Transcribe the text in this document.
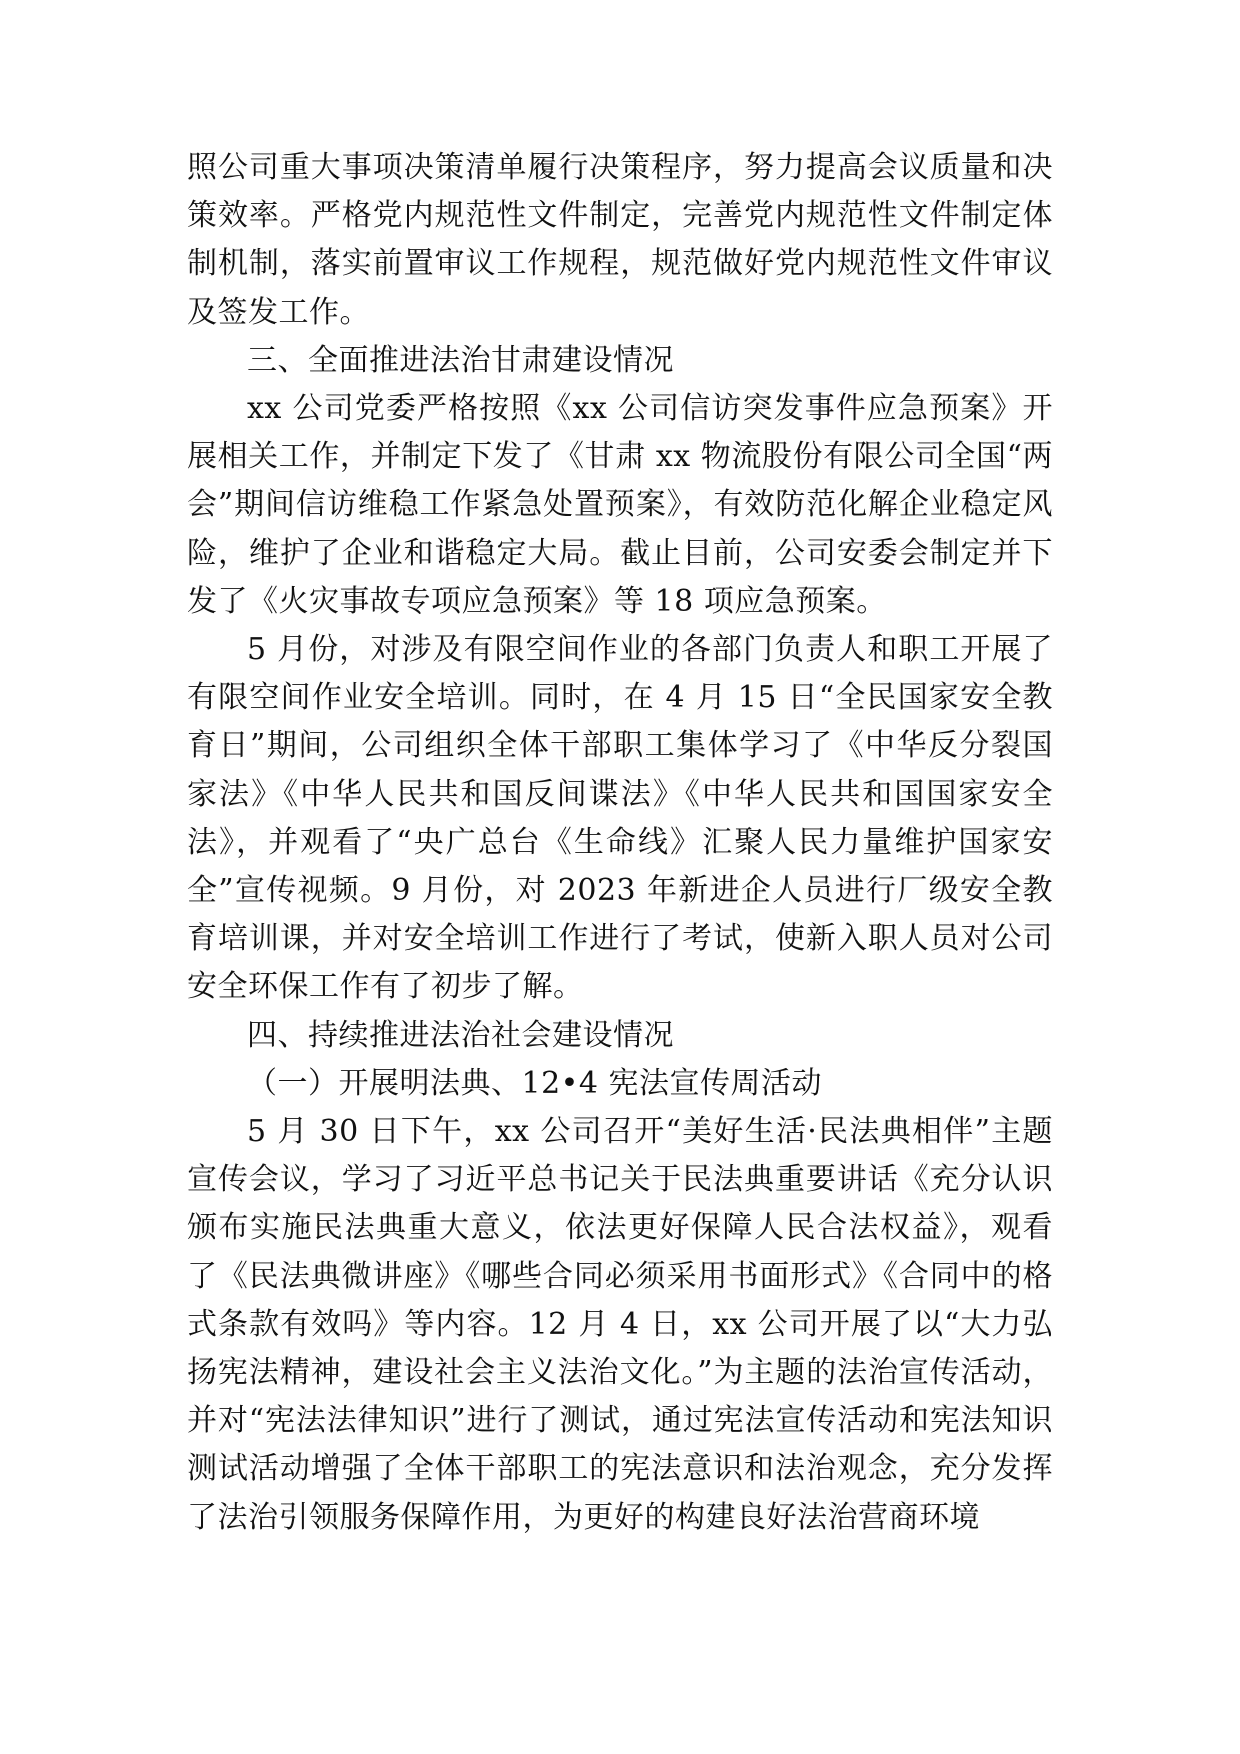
照公司重大事项决策清单履行决策程序，努力提高会议质量和决策效率。严格党内规范性文件制定，完善党内规范性文件制定体制机制，落实前置审议工作规程，规范做好党内规范性文件审议及签发工作。

三、全面推进法治甘肃建设情况

xx 公司党委严格按照《xx 公司信访突发事件应急预案》开展相关工作，并制定下发了《甘肃 xx 物流股份有限公司全国“两会”期间信访维稳工作紧急处置预案》，有效防范化解企业稳定风险，维护了企业和谐稳定大局。截止目前，公司安委会制定并下发了《火灾事故专项应急预案》等 18 项应急预案。

5 月份，对涉及有限空间作业的各部门负责人和职工开展了有限空间作业安全培训。同时，在 4 月 15 日“全民国家安全教育日”期间，公司组织全体干部职工集体学习了《中华反分裂国家法》《中华人民共和国反间谍法》《中华人民共和国国家安全法》，并观看了“央广总台《生命线》汇聚人民力量维护国家安全”宣传视频。9 月份，对 2023 年新进企人员进行厂级安全教育培训课，并对安全培训工作进行了考试，使新入职人员对公司安全环保工作有了初步了解。

四、持续推进法治社会建设情况

（一）开展明法典、12•4 宪法宣传周活动

5 月 30 日下午，xx 公司召开“美好生活·民法典相伴”主题宣传会议，学习了习近平总书记关于民法典重要讲话《充分认识颁布实施民法典重大意义，依法更好保障人民合法权益》，观看了《民法典微讲座》《哪些合同必须采用书面形式》《合同中的格式条款有效吗》等内容。12 月 4 日，xx 公司开展了以“大力弘扬宪法精神，建设社会主义法治文化。”为主题的法治宣传活动，并对“宪法法律知识”进行了测试，通过宪法宣传活动和宪法知识测试活动增强了全体干部职工的宪法意识和法治观念，充分发挥了法治引领服务保障作用，为更好的构建良好法治营商环境
